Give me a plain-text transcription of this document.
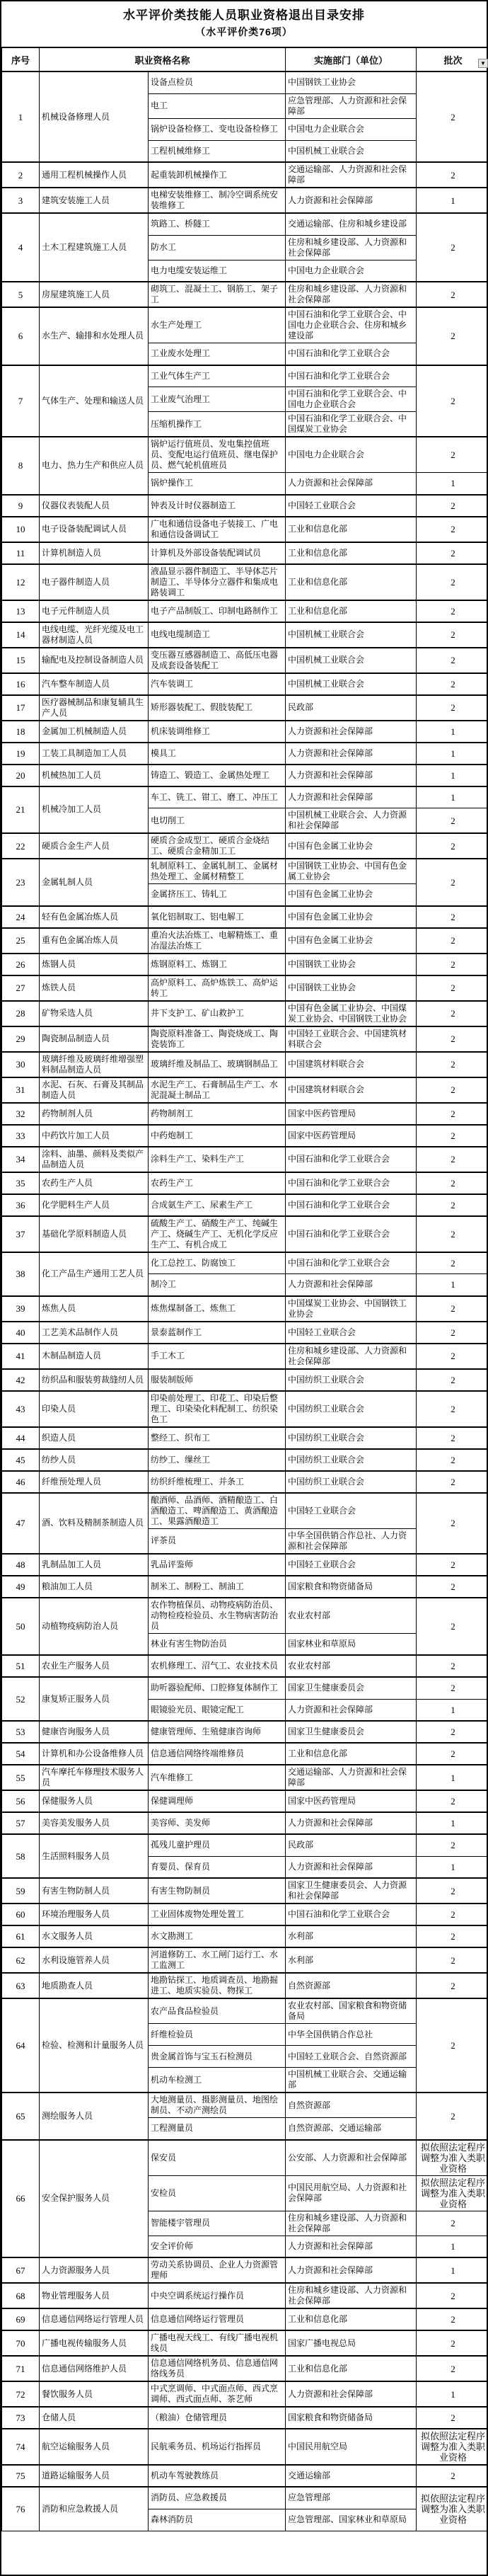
水平评价类技能人员职业资格退出目录安排
（水平评价类76项）
序号	职业资格名称		实施部门（单位）	批次 ▼

1	机械设备修理人员	设备点检员	中国钢铁工业协会	2
		电工	应急管理部、人力资源和社会保障部	
		锅炉设备检修工、变电设备检修工	中国电力企业联合会	
		工程机械维修工	中国机械工业联合会	
2	通用工程机械操作人员	起重装卸机械操作工	交通运输部、人力资源和社会保障部	2
3	建筑安装施工人员	电梯安装维修工、制冷空调系统安装维修工	人力资源和社会保障部	1
4	土木工程建筑施工人员	筑路工、桥隧工	交通运输部、住房和城乡建设部	2
		防水工	住房和城乡建设部、人力资源和社会保障部	
		电力电缆安装运维工	中国电力企业联合会	
5	房屋建筑施工人员	砌筑工、混凝土工、钢筋工、架子工	住房和城乡建设部、人力资源和社会保障部	2
6	水生产、输排和水处理人员	水生产处理工	中国石油和化学工业联合会、中国电力企业联合会、住房和城乡建设部	2
		工业废水处理工	中国石油和化学工业联合会	
7	气体生产、处理和输送人员	工业气体生产工	中国石油和化学工业联合会	2
		工业废气治理工	中国石油和化学工业联合会、中国电力企业联合会	
		压缩机操作工	中国石油和化学工业联合会、中国煤炭工业协会	
8	电力、热力生产和供应人员	锅炉运行值班员、发电集控值班员、变配电运行值班员、继电保护员、燃气轮机值班员	中国电力企业联合会	2
		锅炉操作工	人力资源和社会保障部	1
9	仪器仪表装配人员	钟表及计时仪器制造工	中国轻工业联合会	2
10	电子设备装配调试人员	广电和通信设备电子装接工、广电和通信设备调试工	工业和信息化部	2
11	计算机制造人员	计算机及外部设备装配调试员	工业和信息化部	2
12	电子器件制造人员	液晶显示器件制造工、半导体芯片制造工、半导体分立器件和集成电路装调工	工业和信息化部	2
13	电子元件制造人员	电子产品制版工、印制电路制作工	工业和信息化部	2
14	电线电缆、光纤光缆及电工器材制造人员	电线电缆制造工	中国机械工业联合会	2
15	输配电及控制设备制造人员	变压器互感器制造工、高低压电器及成套设备装配工	中国机械工业联合会	2
16	汽车整车制造人员	汽车装调工	中国机械工业联合会	2
17	医疗器械制品和康复辅具生产人员	矫形器装配工、假肢装配工	民政部	2
18	金属加工机械制造人员	机床装调维修工	人力资源和社会保障部	1
19	工装工具制造加工人员	模具工	人力资源和社会保障部	1
20	机械热加工人员	铸造工、锻造工、金属热处理工	人力资源和社会保障部	1
21	机械冷加工人员	车工、铣工、钳工、磨工、冲压工	人力资源和社会保障部	1
		电切削工	中国机械工业联合会、人力资源和社会保障部	2
22	硬质合金生产人员	硬质合金成型工、硬质合金烧结工、硬质合金精加工工	中国有色金属工业协会	2
23	金属轧制人员	轧制原料工、金属轧制工、金属材热处理工、金属材精整工	中国钢铁工业协会、中国有色金属工业协会	2
		金属挤压工、铸轧工	中国有色金属工业协会	
24	轻有色金属冶炼人员	氧化铝制取工、铝电解工	中国有色金属工业协会	2
25	重有色金属冶炼人员	重冶火法冶炼工、电解精炼工、重冶湿法冶炼工	中国有色金属工业协会	2
26	炼钢人员	炼钢原料工、炼钢工	中国钢铁工业协会	2
27	炼铁人员	高炉原料工、高炉炼铁工、高炉运转工	中国钢铁工业协会	2
28	矿物采选人员	井下支护工、矿山救护工	中国有色金属工业协会、中国煤炭工业协会、中国钢铁工业协会	2
29	陶瓷制品制造人员	陶瓷原料准备工、陶瓷烧成工、陶瓷装饰工	中国轻工业联合会、中国建筑材料联合会	2
30	玻璃纤维及玻璃纤维增强塑料制品制造人员	玻璃纤维及制品工、玻璃钢制品工	中国建筑材料联合会	2
31	水泥、石灰、石膏及其制品制造人员	水泥生产工、石膏制品生产工、水泥混凝土制品工	中国建筑材料联合会	2
32	药物制剂人员	药物制剂工	国家中医药管理局	2
33	中药饮片加工人员	中药炮制工	国家中医药管理局	2
34	涂料、油墨、颜料及类似产品制造人员	涂料生产工、染料生产工	中国石油和化学工业联合会	2
35	农药生产人员	农药生产工	中国石油和化学工业联合会	2
36	化学肥料生产人员	合成氨生产工、尿素生产工	中国石油和化学工业联合会	2
37	基础化学原料制造人员	硫酸生产工、硝酸生产工、纯碱生产工、烧碱生产工、无机化学反应生产工、有机合成工	中国石油和化学工业联合会	2
38	化工产品生产通用工艺人员	化工总控工、防腐蚀工	中国石油和化学工业联合会	2
		制冷工	人力资源和社会保障部	1
39	炼焦人员	炼焦煤制备工、炼焦工	中国煤炭工业协会、中国钢铁工业协会	2
40	工艺美术品制作人员	景泰蓝制作工	中国轻工业联合会	2
41	木制品制造人员	手工木工	住房和城乡建设部、人力资源和社会保障部	2
42	纺织品和服装剪裁缝纫人员	服装制版师	中国纺织工业联合会	2
43	印染人员	印染前处理工、印花工、印染后整理工、印染染化料配制工、纺织染色工	中国纺织工业联合会	2
44	织造人员	整经工、织布工	中国纺织工业联合会	2
45	纺纱人员	纺纱工、缫丝工	中国纺织工业联合会	2
46	纤维预处理人员	纺织纤维梳理工、并条工	中国纺织工业联合会	2
47	酒、饮料及精制茶制造人员	酿酒师、品酒师、酒精酿造工、白酒酿造工、啤酒酿造工、黄酒酿造工、果露酒酿造工	中国轻工业联合会	2
		评茶员	中华全国供销合作总社、人力资源和社会保障部	
48	乳制品加工人员	乳品评鉴师	中国轻工业联合会	2
49	粮油加工人员	制米工、制粉工、制油工	国家粮食和物资储备局	2
50	动植物疫病防治人员	农作物植保员、动物疫病防治员、动物检疫检验员、水生物病害防治员	农业农村部	2
		林业有害生物防治员	国家林业和草原局	
51	农业生产服务人员	农机修理工、沼气工、农业技术员	农业农村部	2
52	康复矫正服务人员	助听器验配师、口腔修复体制作工	国家卫生健康委员会	2
		眼镜验光员、眼镜定配工	人力资源和社会保障部	1
53	健康咨询服务人员	健康管理师、生殖健康咨询师	国家卫生健康委员会	2
54	计算机和办公设备维修人员	信息通信网络终端维修员	工业和信息化部	2
55	汽车摩托车修理技术服务人员	汽车维修工	交通运输部、人力资源和社会保障部	1
56	保健服务人员	保健调理师	国家中医药管理局	2
57	美容美发服务人员	美容师、美发师	人力资源和社会保障部	1
58	生活照料服务人员	孤残儿童护理员	民政部	2
		育婴员、保育员	人力资源和社会保障部	1
59	有害生物防制人员	有害生物防制员	国家卫生健康委员会、人力资源和社会保障部	2
60	环境治理服务人员	工业固体废物处理处置工	中国石油和化学工业联合会	2
61	水文服务人员	水文勘测工	水利部	2
62	水利设施管养人员	河道修防工、水工闸门运行工、水工监测工	水利部	2
63	地质勘查人员	地勘钻探工、地质调查员、地勘掘进工、地质实验员、物探工	自然资源部	2
64	检验、检测和计量服务人员	农产品食品检验员	农业农村部、国家粮食和物资储备局	2
		纤维检验员	中华全国供销合作总社	
		贵金属首饰与宝玉石检测员	中国轻工业联合会、自然资源部	
		机动车检测工	中国机械工业联合会、交通运输部	
65	测绘服务人员	大地测量员、摄影测量员、地图绘制员、不动产测绘员	自然资源部	2
		工程测量员	自然资源部、交通运输部	
66	安全保护服务人员	保安员	公安部、人力资源和社会保障部	拟依照法定程序调整为准入类职业资格
		安检员	中国民用航空局、人力资源和社会保障部	拟依照法定程序调整为准入类职业资格
		智能楼宇管理员	住房和城乡建设部、人力资源和社会保障部	2
		安全评价师	人力资源和社会保障部	1
67	人力资源服务人员	劳动关系协调员、企业人力资源管理师	人力资源和社会保障部	1
68	物业管理服务人员	中央空调系统运行操作员	住房和城乡建设部、人力资源和社会保障部	2
69	信息通信网络运行管理人员	信息通信网络运行管理员	工业和信息化部	2
70	广播电视传输服务人员	广播电视天线工、有线广播电视机线员	国家广播电视总局	2
71	信息通信网络维护人员	信息通信网络机务员、信息通信网络线务员	工业和信息化部	2
72	餐饮服务人员	中式烹调师、中式面点师、西式烹调师、西式面点师、茶艺师	人力资源和社会保障部	1
73	仓储人员	（粮油）仓储管理员	国家粮食和物资储备局	2
74	航空运输服务人员	民航乘务员、机场运行指挥员	中国民用航空局	拟依照法定程序调整为准入类职业资格
75	道路运输服务人员	机动车驾驶教练员	交通运输部	2
76	消防和应急救援人员	消防员、应急救援员	应急管理部	拟依照法定程序调整为准入类职业资格
		森林消防员	应急管理部、国家林业和草原局	
